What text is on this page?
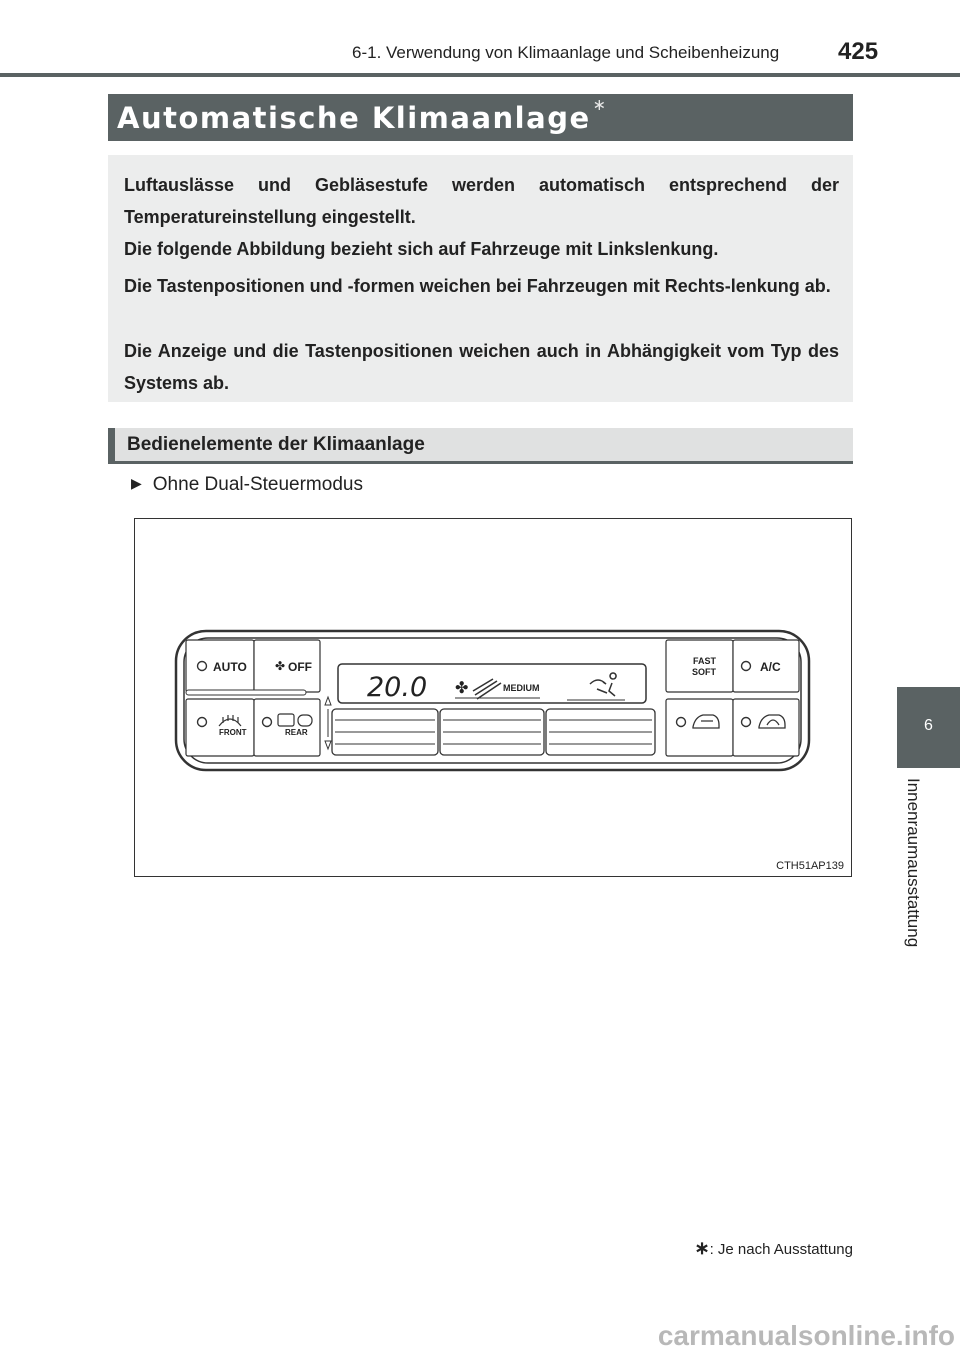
6-1. Verwendung von Klimaanlage und Scheibenheizung 425
Automatische Klimaanlage ∗

Luftauslässe und Gebläsestufe werden automatisch entsprechend der Temperatureinstellung eingestellt.

Die folgende Abbildung bezieht sich auf Fahrzeuge mit Linkslenkung.

Die Tastenpositionen und -formen weichen bei Fahrzeugen mit Rechts-lenkung ab.

Die Anzeige und die Tastenpositionen weichen auch in Abhängigkeit vom Typ des Systems ab.

Bedienelemente der Klimaanlage
▶ Ohne Dual-Steuermodus
AUTO ✤ OFF
FRONT	REAR
20.0 ✤	MEDIUM
FAST
SOFT	A/C
CTH51AP139
6
Innenraumausstattung
∗: Je nach Ausstattung
carmanualsonline.info
